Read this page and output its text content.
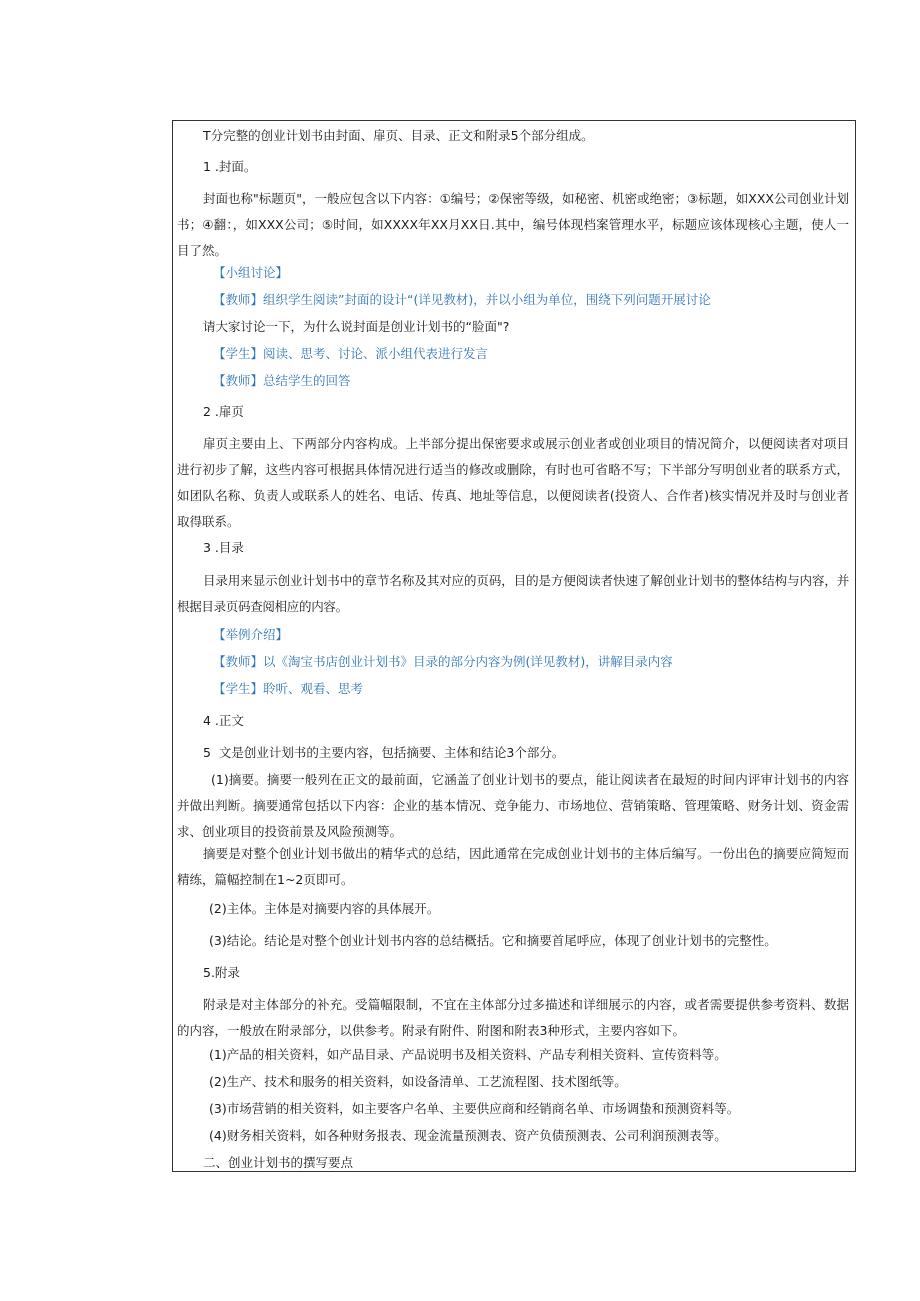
T分完整的创业计划书由封面、扉页、目录、正文和附录5个部分组成。
1 .封面。

封面也称"标题页"，一般应包含以下内容：①编号；②保密等级，如秘密、机密或绝密；③标题，如XXX公司创业计划书；④翻：，如XXX公司；⑤时间，如XXXX年XX月XX日.其中，编号体现档案管理水平，标题应该体现核心主题，使人一目了然。

【小组讨论】
【教师】组织学生阅读”封面的设计“(详见教材)，并以小组为单位，围绕下列问题开展讨论
请大家讨论一下，为什么说封面是创业计划书的“脸面"?
【学生】阅读、思考、讨论、派小组代表进行发言
【教师】总结学生的回答
2 .扉页

扉页主要由上、下两部分内容构成。上半部分提出保密要求或展示创业者或创业项目的情况简介，以便阅读者对项目进行初步了解，这些内容可根据具体情况进行适当的修改或删除，有时也可省略不写；下半部分写明创业者的联系方式，如团队名称、负责人或联系人的姓名、电话、传真、地址等信息，以便阅读者(投资人、合作者)核实情况并及时与创业者取得联系。

3 .目录

目录用来显示创业计划书中的章节名称及其对应的页码，目的是方便阅读者快速了解创业计划书的整体结构与内容，并根据目录页码查阅相应的内容。

【举例介绍】
【教师】以《淘宝书店创业计划书》目录的部分内容为例(详见教材)，讲解目录内容
【学生】聆听、观看、思考
4 .正文
5  文是创业计划书的主要内容，包括摘要、主体和结论3个部分。

(1)摘要。摘要一般列在正文的最前面，它涵盖了创业计划书的要点，能让阅读者在最短的时间内评审计划书的内容并做出判断。摘要通常包括以下内容：企业的基本情况、竞争能力、市场地位、营销策略、管理策略、财务计划、资金需求、创业项目的投资前景及风险预测等。

摘要是对整个创业计划书做出的精华式的总结，因此通常在完成创业计划书的主体后编写。一份出色的摘要应简短而精练，篇幅控制在1~2页即可。

(2)主体。主体是对摘要内容的具体展开。
(3)结论。结论是对整个创业计划书内容的总结概括。它和摘要首尾呼应，体现了创业计划书的完整性。
5.附录

附录是对主体部分的补充。受篇幅限制，不宜在主体部分过多描述和详细展示的内容，或者需要提供参考资料、数据的内容，一般放在附录部分，以供参考。附录有附件、附图和附表3种形式，主要内容如下。

(1)产品的相关资料，如产品目录、产品说明书及相关资料、产品专利相关资料、宣传资料等。
(2)生产、技术和服务的相关资料，如设备清单、工艺流程图、技术图纸等。
(3)市场营销的相关资料，如主要客户名单、主要供应商和经销商名单、市场调蛰和预测资料等。
(4)财务相关资料，如各种财务报表、现金流量预测表、资产负债预测表、公司利润预测表等。
二、创业计划书的撰写要点
